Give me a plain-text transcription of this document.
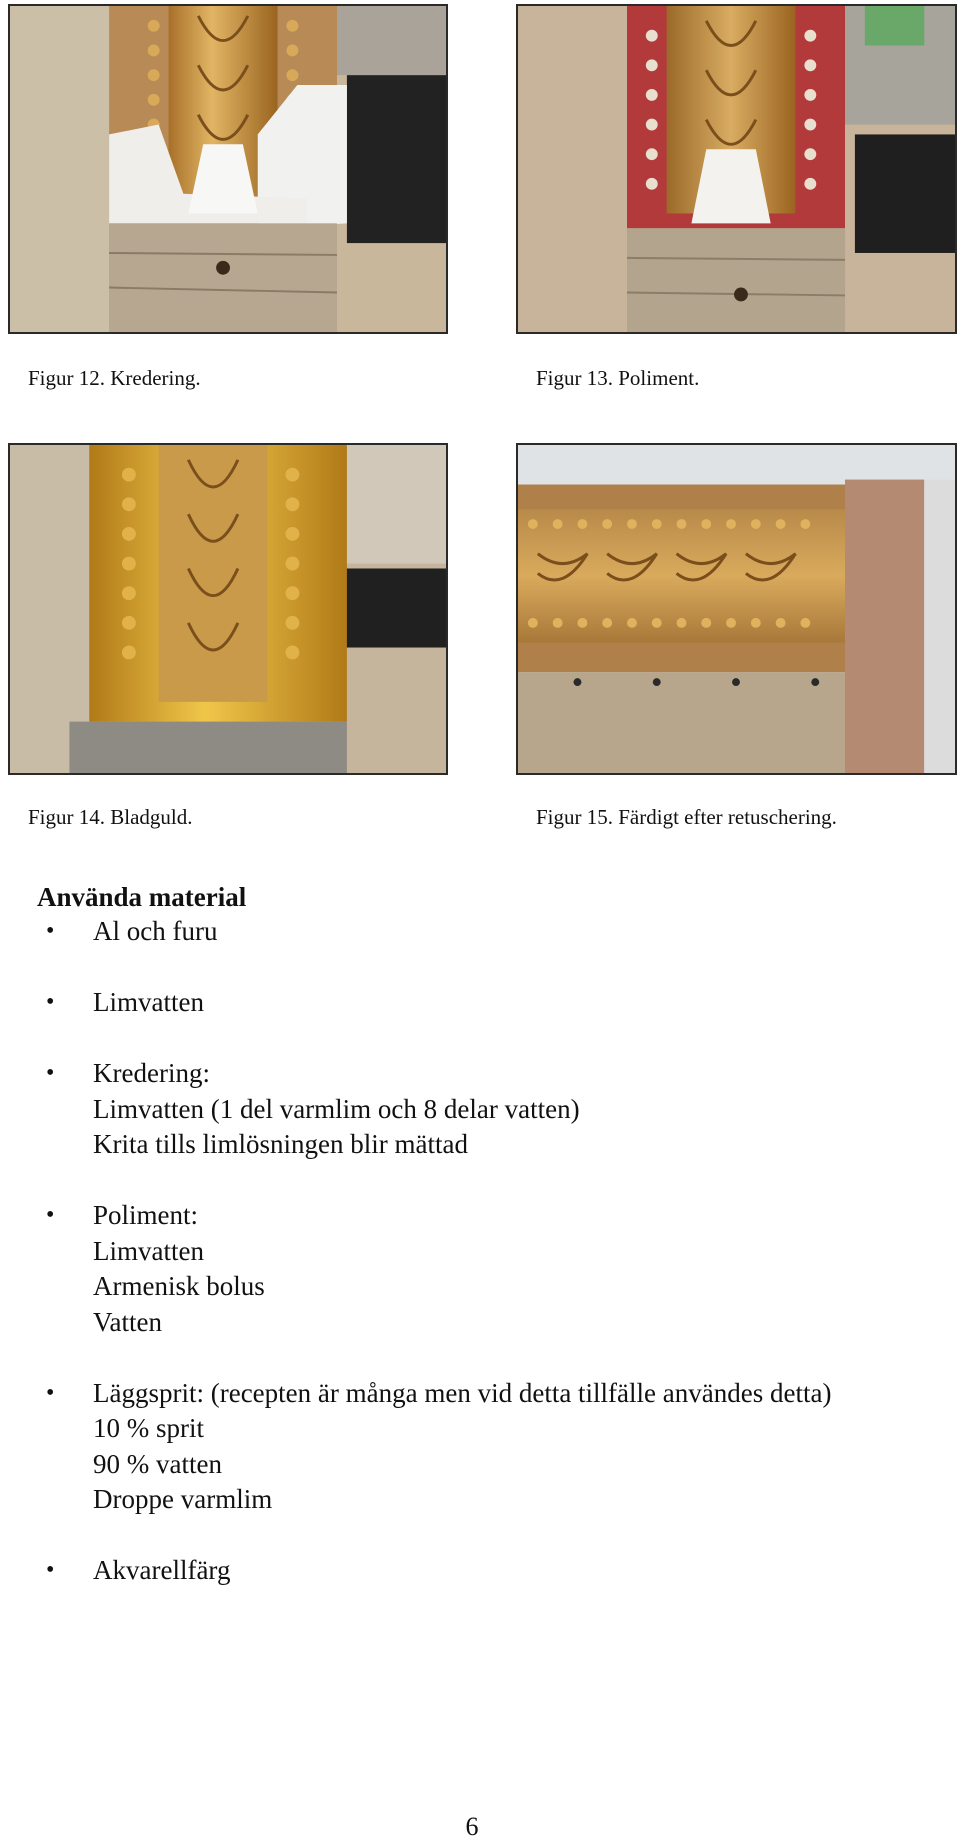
Figur 12. Kredering.	Figur 13. Poliment.
Figur 14. Bladguld.	Figur 15. Färdigt efter retuschering.
Använda material
• Al och furu
• Limvatten
• Kredering:
Limvatten (1 del varmlim och 8 delar vatten)
Krita tills limlösningen blir mättad
• Poliment:
Limvatten
Armenisk bolus
Vatten
• Läggsprit: (recepten är många men vid detta tillfälle användes detta)
10 % sprit
90 % vatten
Droppe varmlim
• Akvarellfärg
6
